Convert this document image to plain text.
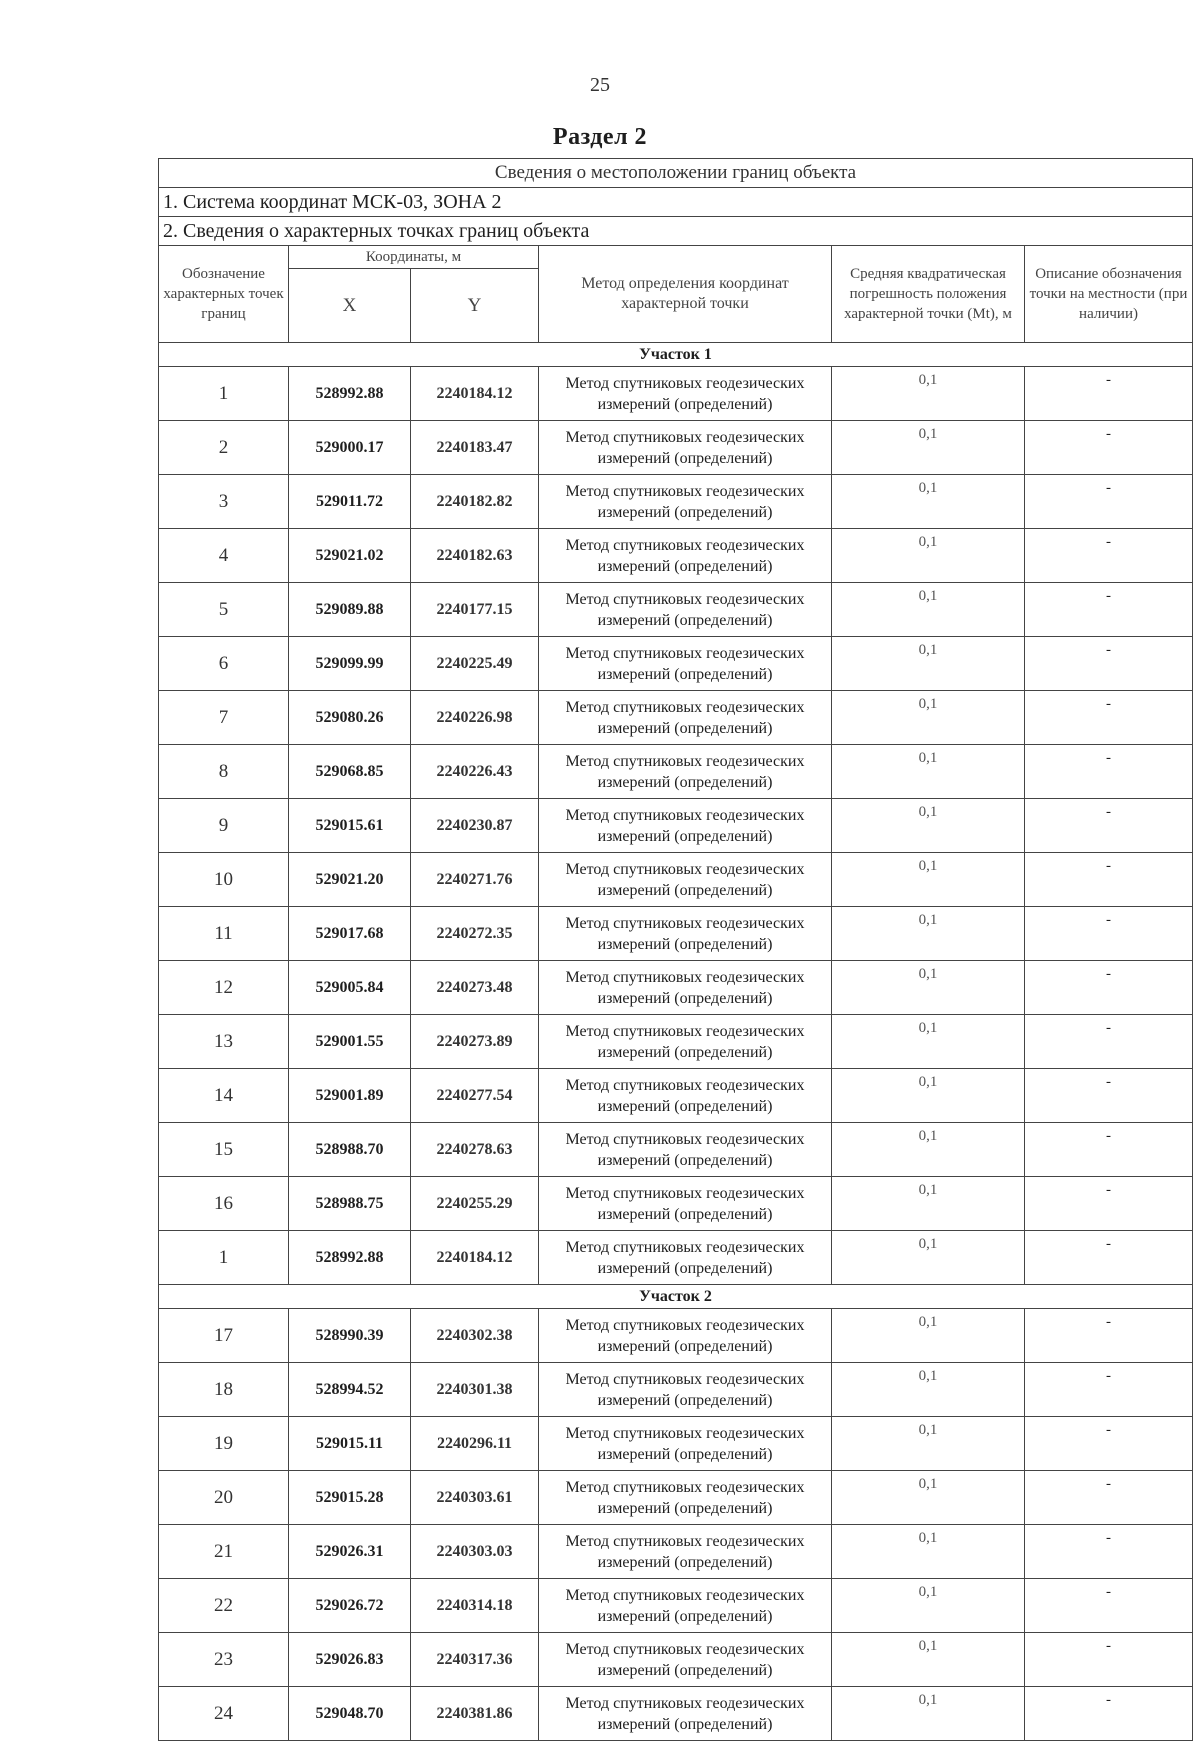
25
Раздел 2
Сведения о местоположении границ объекта					
1. Система координат МСК-03, ЗОНА 2					
2. Сведения о характерных точках границ объекта					
Обозначение характерных точек границ	Координаты, м		Метод определения координат характерной точки	Средняя квадратическая погрешность положения характерной точки (Mt), м	Описание обозначения точки на местности (при наличии)
	X	Y			
Участок 1					
1	528992.88	2240184.12	Метод спутниковых геодезических измерений (определений)	0,1	-
2	529000.17	2240183.47	Метод спутниковых геодезических измерений (определений)	0,1	-
3	529011.72	2240182.82	Метод спутниковых геодезических измерений (определений)	0,1	-
4	529021.02	2240182.63	Метод спутниковых геодезических измерений (определений)	0,1	-
5	529089.88	2240177.15	Метод спутниковых геодезических измерений (определений)	0,1	-
6	529099.99	2240225.49	Метод спутниковых геодезических измерений (определений)	0,1	-
7	529080.26	2240226.98	Метод спутниковых геодезических измерений (определений)	0,1	-
8	529068.85	2240226.43	Метод спутниковых геодезических измерений (определений)	0,1	-
9	529015.61	2240230.87	Метод спутниковых геодезических измерений (определений)	0,1	-
10	529021.20	2240271.76	Метод спутниковых геодезических измерений (определений)	0,1	-
11	529017.68	2240272.35	Метод спутниковых геодезических измерений (определений)	0,1	-
12	529005.84	2240273.48	Метод спутниковых геодезических измерений (определений)	0,1	-
13	529001.55	2240273.89	Метод спутниковых геодезических измерений (определений)	0,1	-
14	529001.89	2240277.54	Метод спутниковых геодезических измерений (определений)	0,1	-
15	528988.70	2240278.63	Метод спутниковых геодезических измерений (определений)	0,1	-
16	528988.75	2240255.29	Метод спутниковых геодезических измерений (определений)	0,1	-
1	528992.88	2240184.12	Метод спутниковых геодезических измерений (определений)	0,1	-
Участок 2					
17	528990.39	2240302.38	Метод спутниковых геодезических измерений (определений)	0,1	-
18	528994.52	2240301.38	Метод спутниковых геодезических измерений (определений)	0,1	-
19	529015.11	2240296.11	Метод спутниковых геодезических измерений (определений)	0,1	-
20	529015.28	2240303.61	Метод спутниковых геодезических измерений (определений)	0,1	-
21	529026.31	2240303.03	Метод спутниковых геодезических измерений (определений)	0,1	-
22	529026.72	2240314.18	Метод спутниковых геодезических измерений (определений)	0,1	-
23	529026.83	2240317.36	Метод спутниковых геодезических измерений (определений)	0,1	-
24	529048.70	2240381.86	Метод спутниковых геодезических измерений (определений)	0,1	-
